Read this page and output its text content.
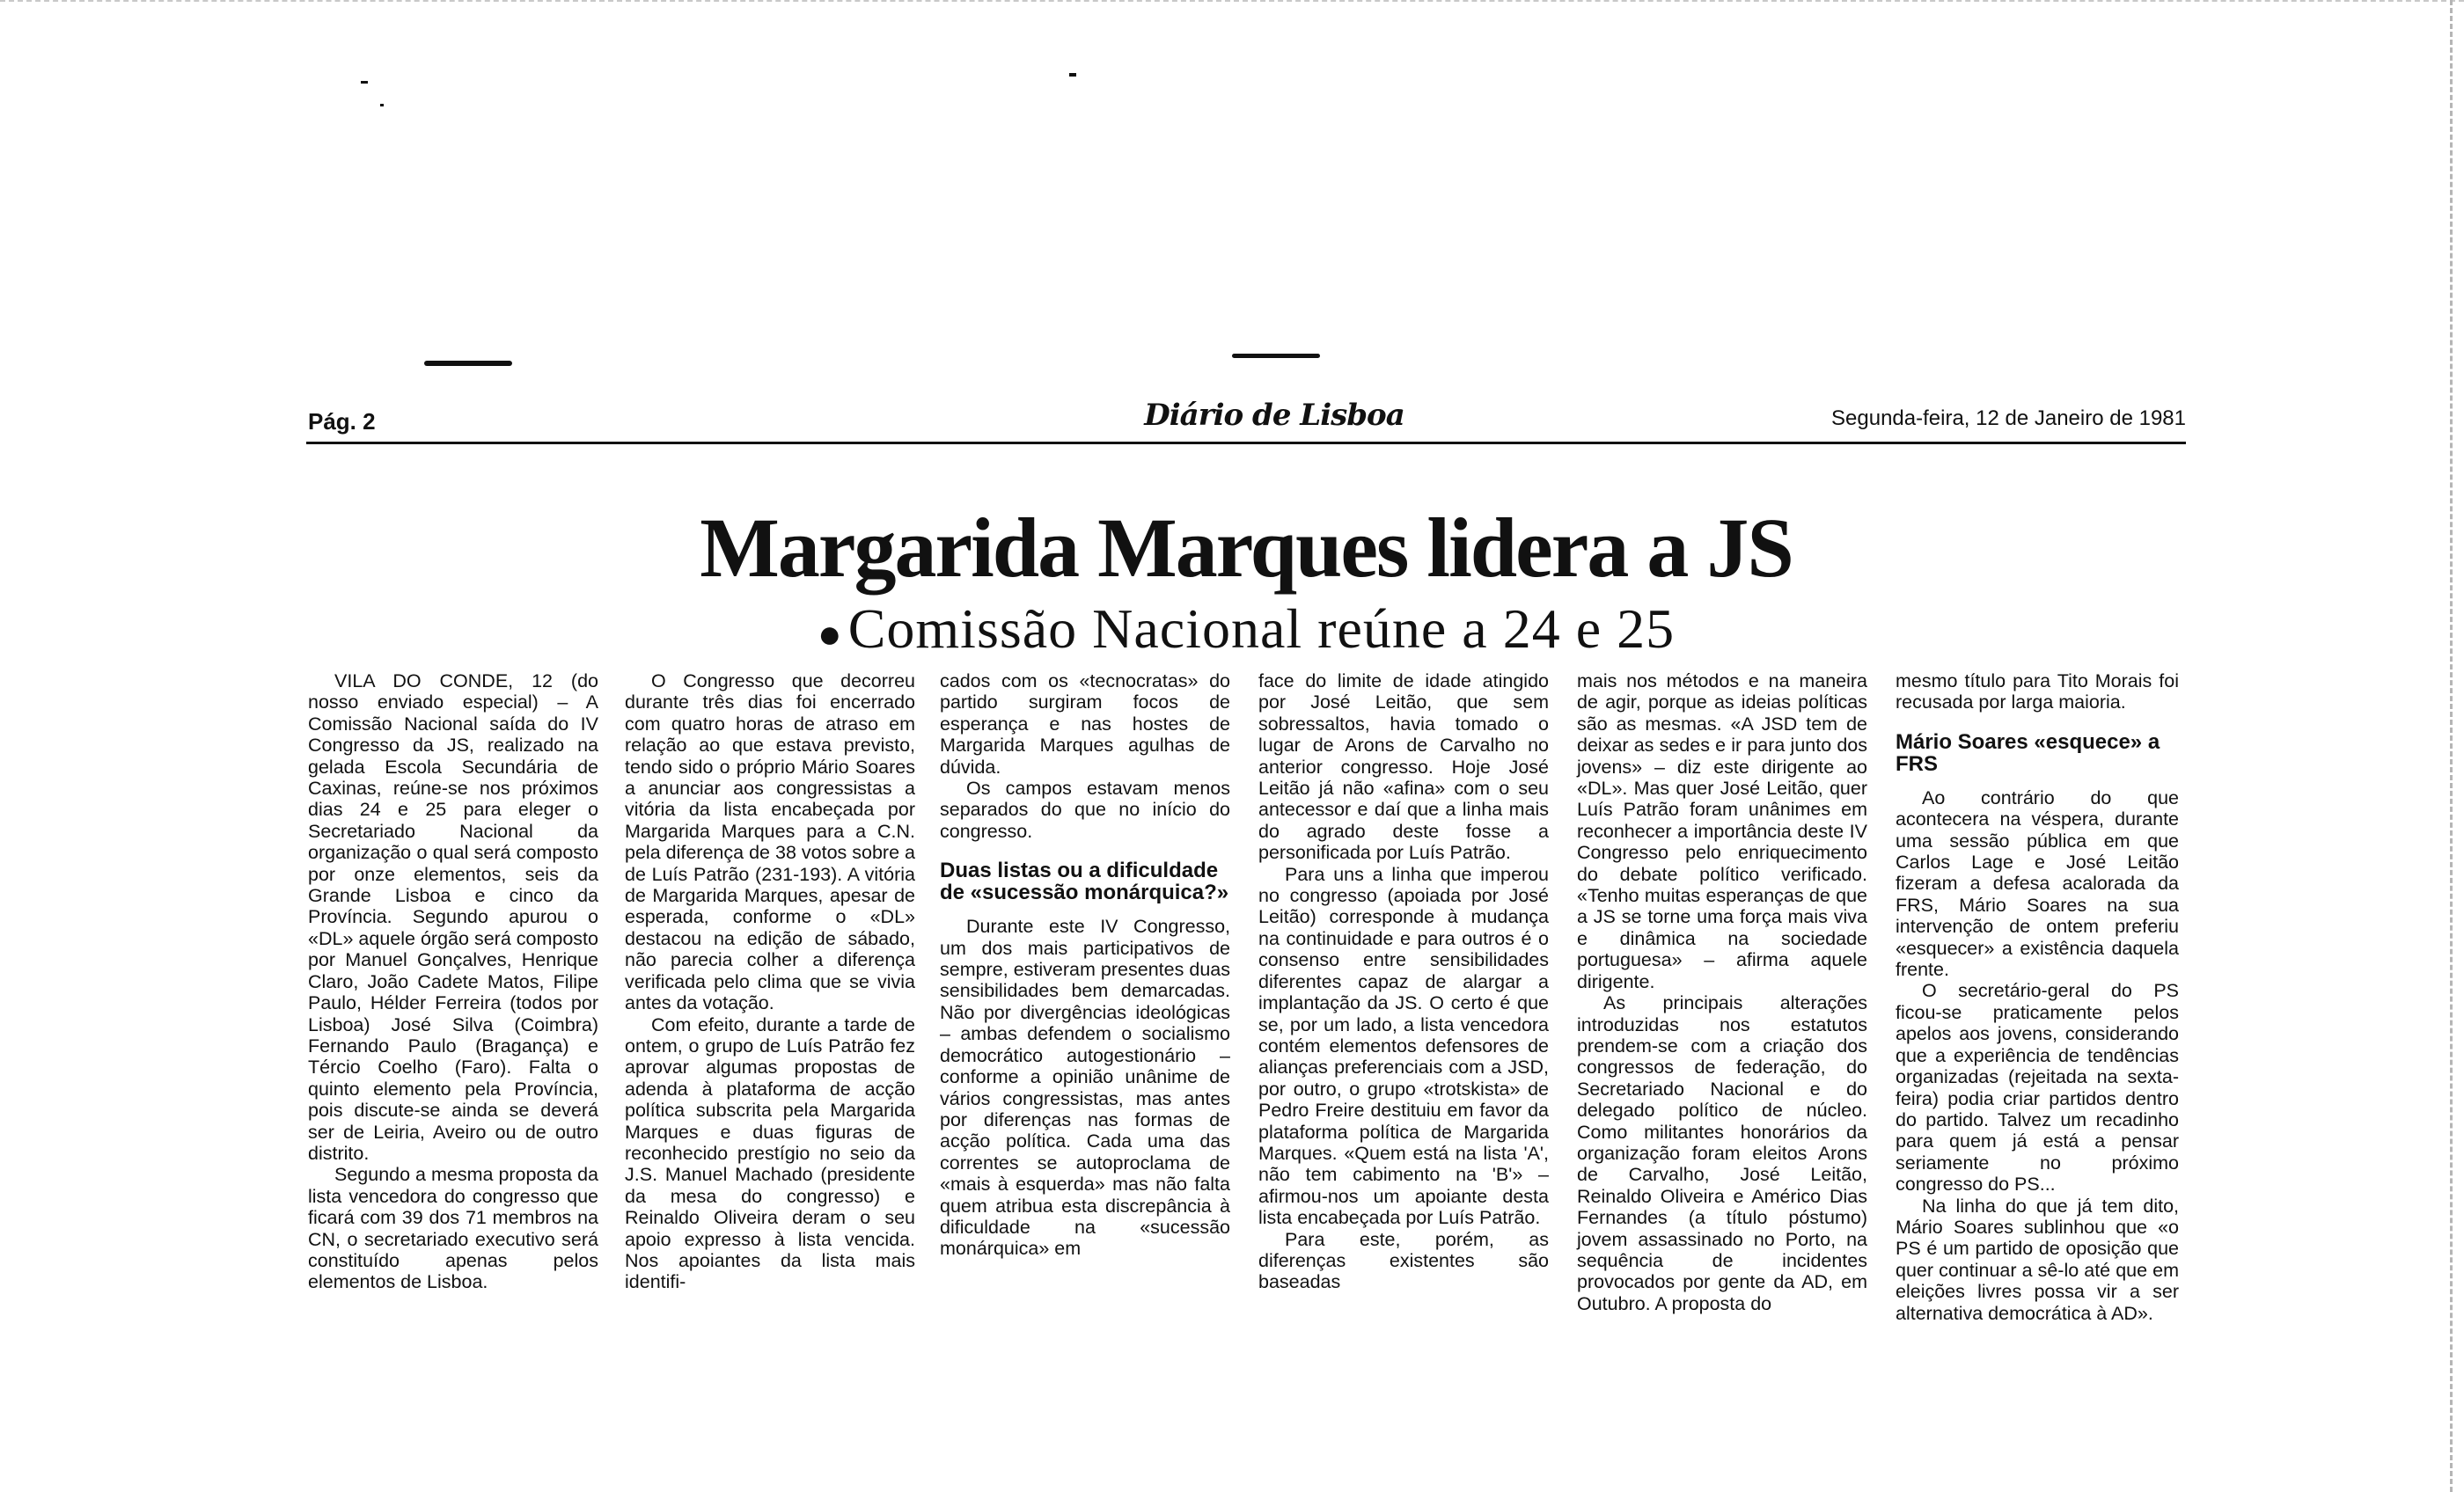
Pág. 2	Diário de Lisboa	Segunda-feira, 12 de Janeiro de 1981
Margarida Marques lidera a JS
●Comissão Nacional reúne a 24 e 25

VILA DO CONDE, 12 (do nosso enviado especial) – A Comissão Nacional saída do IV Congresso da JS, realizado na gelada Escola Secundária de Caxinas, reúne-se nos próximos dias 24 e 25 para eleger o Secretariado Nacional da organização o qual será composto por onze elementos, seis da Grande Lisboa e cinco da Província. Segundo apurou o «DL» aquele órgão será composto por Manuel Gonçalves, Henrique Claro, João Cadete Matos, Filipe Paulo, Hélder Ferreira (todos por Lisboa) José Silva (Coimbra) Fernando Paulo (Bragança) e Tércio Coelho (Faro). Falta o quinto elemento pela Província, pois discute-se ainda se deverá ser de Leiria, Aveiro ou de outro distrito.

Segundo a mesma proposta da lista vencedora do congresso que ficará com 39 dos 71 membros na CN, o secretariado executivo será constituído apenas pelos elementos de Lisboa.

O Congresso que decorreu durante três dias foi encerrado com quatro horas de atraso em relação ao que estava previsto, tendo sido o próprio Mário Soares a anunciar aos congressistas a vitória da lista encabeçada por Margarida Marques para a C.N. pela diferença de 38 votos sobre a de Luís Patrão (231-193). A vitória de Margarida Marques, apesar de esperada, conforme o «DL» destacou na edição de sábado, não parecia colher a diferença verificada pelo clima que se vivia antes da votação.

Com efeito, durante a tarde de ontem, o grupo de Luís Patrão fez aprovar algumas propostas de adenda à plataforma de acção política subscrita pela Margarida Marques e duas figuras de reconhecido prestígio no seio da J.S. Manuel Machado (presidente da mesa do congresso) e Reinaldo Oliveira deram o seu apoio expresso à lista vencida. Nos apoiantes da lista mais identifi-

cados com os «tecnocratas» do partido surgiram focos de esperança e nas hostes de Margarida Marques agulhas de dúvida.

Os campos estavam menos separados do que no início do congresso.

Duas listas ou a dificuldade de «sucessão monárquica?»

Durante este IV Congresso, um dos mais participativos de sempre, estiveram presentes duas sensibilidades bem demarcadas. Não por divergências ideológicas – ambas defendem o socialismo democrático autogestionário – conforme a opinião unânime de vários congressistas, mas antes por diferenças nas formas de acção política. Cada uma das correntes se autoproclama de «mais à esquerda» mas não falta quem atribua esta discrepância à dificuldade na «sucessão monárquica» em

face do limite de idade atingido por José Leitão, que sem sobressaltos, havia tomado o lugar de Arons de Carvalho no anterior congresso. Hoje José Leitão já não «afina» com o seu antecessor e daí que a linha mais do agrado deste fosse a personificada por Luís Patrão.

Para uns a linha que imperou no congresso (apoiada por José Leitão) corresponde à mudança na continuidade e para outros é o consenso entre sensibilidades diferentes capaz de alargar a implantação da JS. O certo é que se, por um lado, a lista vencedora contém elementos defensores de alianças preferenciais com a JSD, por outro, o grupo «trotskista» de Pedro Freire destituiu em favor da plataforma política de Margarida Marques. «Quem está na lista 'A', não tem cabimento na 'B'» – afirmou-nos um apoiante desta lista encabeçada por Luís Patrão.

Para este, porém, as diferenças existentes são baseadas

mais nos métodos e na maneira de agir, porque as ideias políticas são as mesmas. «A JSD tem de deixar as sedes e ir para junto dos jovens» – diz este dirigente ao «DL». Mas quer José Leitão, quer Luís Patrão foram unânimes em reconhecer a importância deste IV Congresso pelo enriquecimento do debate político verificado. «Tenho muitas esperanças de que a JS se torne uma força mais viva e dinâmica na sociedade portuguesa» – afirma aquele dirigente.

As principais alterações introduzidas nos estatutos prendem-se com a criação dos congressos de federação, do Secretariado Nacional e do delegado político de núcleo. Como militantes honorários da organização foram eleitos Arons de Carvalho, José Leitão, Reinaldo Oliveira e Américo Dias Fernandes (a título póstumo) jovem assassinado no Porto, na sequência de incidentes provocados por gente da AD, em Outubro. A proposta do

mesmo título para Tito Morais foi recusada por larga maioria.

Mário Soares «esquece» a FRS

Ao contrário do que acontecera na véspera, durante uma sessão pública em que Carlos Lage e José Leitão fizeram a defesa acalorada da FRS, Mário Soares na sua intervenção de ontem preferiu «esquecer» a existência daquela frente.

O secretário-geral do PS ficou-se praticamente pelos apelos aos jovens, considerando que a experiência de tendências organizadas (rejeitada na sexta-feira) podia criar partidos dentro do partido. Talvez um recadinho para quem já está a pensar seriamente no próximo congresso do PS...

Na linha do que já tem dito, Mário Soares sublinhou que «o PS é um partido de oposição que quer continuar a sê-lo até que em eleições livres possa vir a ser alternativa democrática à AD».
